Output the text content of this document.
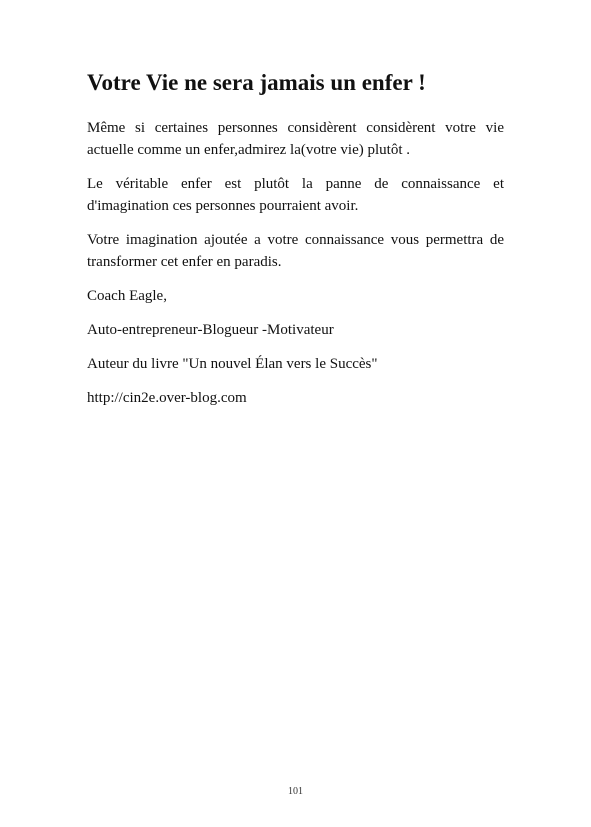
Votre Vie ne sera jamais un enfer !

Même si certaines personnes considèrent considèrent votre vie actuelle comme un enfer,admirez la(votre vie) plutôt .

Le véritable enfer est plutôt la panne de connaissance et d'imagination ces personnes pourraient avoir.

Votre imagination ajoutée a votre connaissance vous permettra de transformer cet enfer en paradis.

Coach Eagle,

Auto-entrepreneur-Blogueur -Motivateur

Auteur du livre "Un nouvel Élan vers le Succès"

http://cin2e.over-blog.com

101
